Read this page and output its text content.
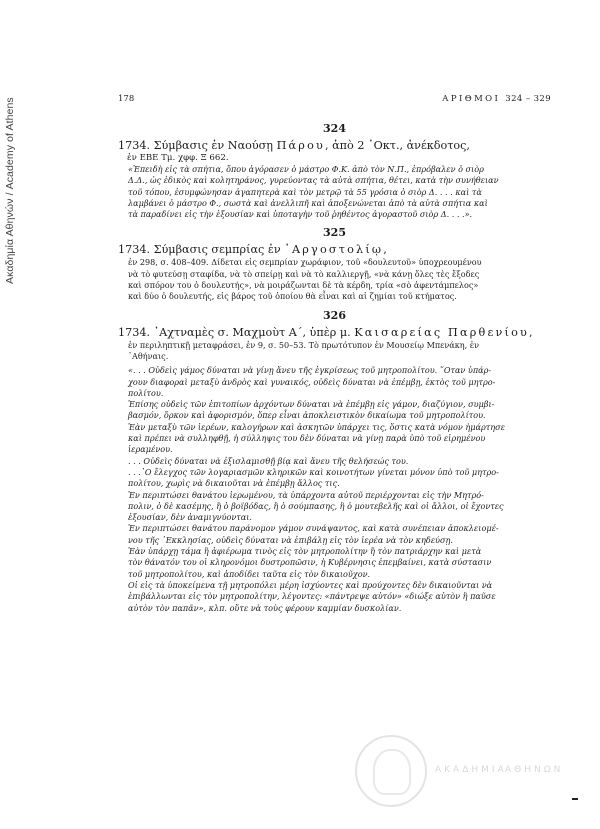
Ακαδημία Αθηνών / Academy of Athens	178	ΑΡΙΘΜΟΙ 324 – 329
324
1734. Σύμβασις ἐν Ναούσῃ Πάρου, ἀπὸ 2 ᾿Οκτ., ἀνέκδοτος,
ἐν ΕΒΕ Τμ. χφφ. Ξ 662.
«Ἐπειδὴ εἰς τὰ σπήτια, ὅπου ἀγόρασεν ὁ μάστρο Φ.Κ. ἀπὸ τὸν Ν.Π., ἐπρόβαλεν ὁ σιὸρ
Δ.Δ., ὡς ἐδικὸς καὶ κολητηράνος, γυρεύοντας τὰ αὐτὰ σπήτια, θέτει, κατὰ τὴν συνήθειαν
τοῦ τόπου, ἐσυμφώνησαν ἀγαπητερὰ καὶ τὸν μετρῷ τὰ 55 γρόσια ὁ σιὸρ Δ. . . . καὶ τὰ
λαμβάνει ὁ μάστρο Φ., σωστὰ καὶ ἀνελλιπῆ καὶ ἀποξενώνεται ἀπὸ τὰ αὐτὰ σπήτια καὶ
τὰ παραδίνει εἰς τὴν ἐξουσίαν καὶ ὑποταγὴν τοῦ ῥηθέντος ἀγοραστοῦ σιὸρ Δ. . . .».
325
1734. Σύμβασις σεμπρίας ἐν ᾿Αργοστολίῳ,
ἐν 298, σ. 408–409. Δίδεται εἰς σεμπρίαν χωράφιον, τοῦ «δουλευτοῦ» ὑποχρεουμένου
νὰ τὸ φυτεύσῃ σταφίδα, νὰ τὸ σπείρῃ καὶ νὰ τὸ καλλιεργῇ, «νὰ κάνῃ ὅλες τὲς ἔξοδες
καὶ σπόρον του ὁ δουλευτής», νὰ μοιράζωνται δὲ τὰ κέρδη, τρία «σὸ ἀφεντάμπελος»
καὶ δύο ὁ δουλευτής, εἰς βάρος τοῦ ὁποίου θὰ εἶναι καὶ αἱ ζημίαι τοῦ κτήματος.
326
1734. ᾿Αχτναμὲς σ. Μαχμοὺτ Α΄, ὑπὲρ μ. Καισαρείας Παρθενίου,
ἐν περιληπτικῇ μεταφράσει, ἐν 9, σ. 50–53. Τὸ πρωτότυπον ἐν Μουσείῳ Μπενάκη, ἐν
᾿Αθήναις.
«. . . Οὐδεὶς γάμος δύναται νὰ γίνῃ ἄνευ τῆς ἐγκρίσεως τοῦ μητροπολίτου. ῞Οταν ὑπάρ-
χουν διαφοραὶ μεταξὺ ἀνδρὸς καὶ γυναικός, οὐδεὶς δύναται νὰ ἐπέμβῃ, ἐκτὸς τοῦ μητρο-
πολίτου.
Ἐπίσης οὐδεὶς τῶν ἐπιτοπίων ἀρχόντων δύναται νὰ ἐπέμβῃ εἰς γάμον, διαζύγιον, συμβι-
βασμόν, ὅρκον καὶ ἀφορισμόν, ὅπερ εἶναι ἀποκλειστικὸν δικαίωμα τοῦ μητροπολίτου.
Ἐὰν μεταξὺ τῶν ἱερέων, καλογήρων καὶ ἀσκητῶν ὑπάρχει τις, ὅστις κατὰ νόμον ἡμάρτησε
καὶ πρέπει νὰ συλληφθῇ, ἡ σύλληψις του δὲν δύναται νὰ γίνῃ παρὰ ὑπὸ τοῦ εἰρημένου
ἱεραμένου.
. . . Οὐδεὶς δύναται νὰ ἐξισλαμισθῇ βίᾳ καὶ ἄνευ τῆς θελήσεώς του.
. . .῾Ο ἔλεγχος τῶν λογαριασμῶν κληρικῶν καὶ κοινοτήτων γίνεται μόνον ὑπὸ τοῦ μητρο-
πολίτου, χωρὶς νὰ δικαιοῦται νὰ ἐπέμβῃ ἄλλος τις.
Ἐν περιπτώσει θανάτου ἱερωμένου, τὰ ὑπάρχοντα αὐτοῦ περιέρχονται εἰς τὴν Μητρό-
πολιν, ὁ δὲ κασέμης, ἢ ὁ βοϊβόδας, ἢ ὁ σούμπασης, ἢ ὁ μουτεβελῆς καὶ οἱ ἄλλοι, οἱ ἔχοντες
ἐξουσίαν, δὲν ἀναμιγνύονται.
Ἐν περιπτώσει θανάτου παράνομον γάμον συνάψαντος, καὶ κατὰ συνέπειαν ἀποκλειομέ-
νου τῆς ᾿Εκκλησίας, οὐδεὶς δύναται νὰ ἐπιβάλῃ εἰς τὸν ἱερέα νὰ τὸν κηδεύσῃ.
Ἐὰν ὑπάρχῃ τάμα ἢ ἀφιέρωμα τινὸς εἰς τὸν μητροπολίτην ἢ τὸν πατριάρχην καὶ μετὰ
τὸν θάνατόν του οἱ κληρονόμοι δυστροπῶσιν, ἡ Κυβέρνησις ἐπεμβαίνει, κατὰ σύστασιν
τοῦ μητροπολίτου, καὶ ἀποδίδει ταῦτα εἰς τὸν δικαιοῦχον.
Οἱ εἰς τὰ ὑποκείμενα τῇ μητροπόλει μέρη ἰσχύοντες καὶ προύχοντες δὲν δικαιοῦνται νὰ
ἐπιβάλλωνται εἰς τὸν μητροπολίτην, λέγοντες: «πάντρεψε αὐτόν» «διώξε αὐτὸν ἢ παῦσε
αὐτὸν τὸν παπᾶν», κλπ. οὔτε νὰ τοὺς φέρουν καμμίαν δυσκολίαν.
ΑΚΑΔΗΜΙΑ
ΑΘΗΝΩΝ
